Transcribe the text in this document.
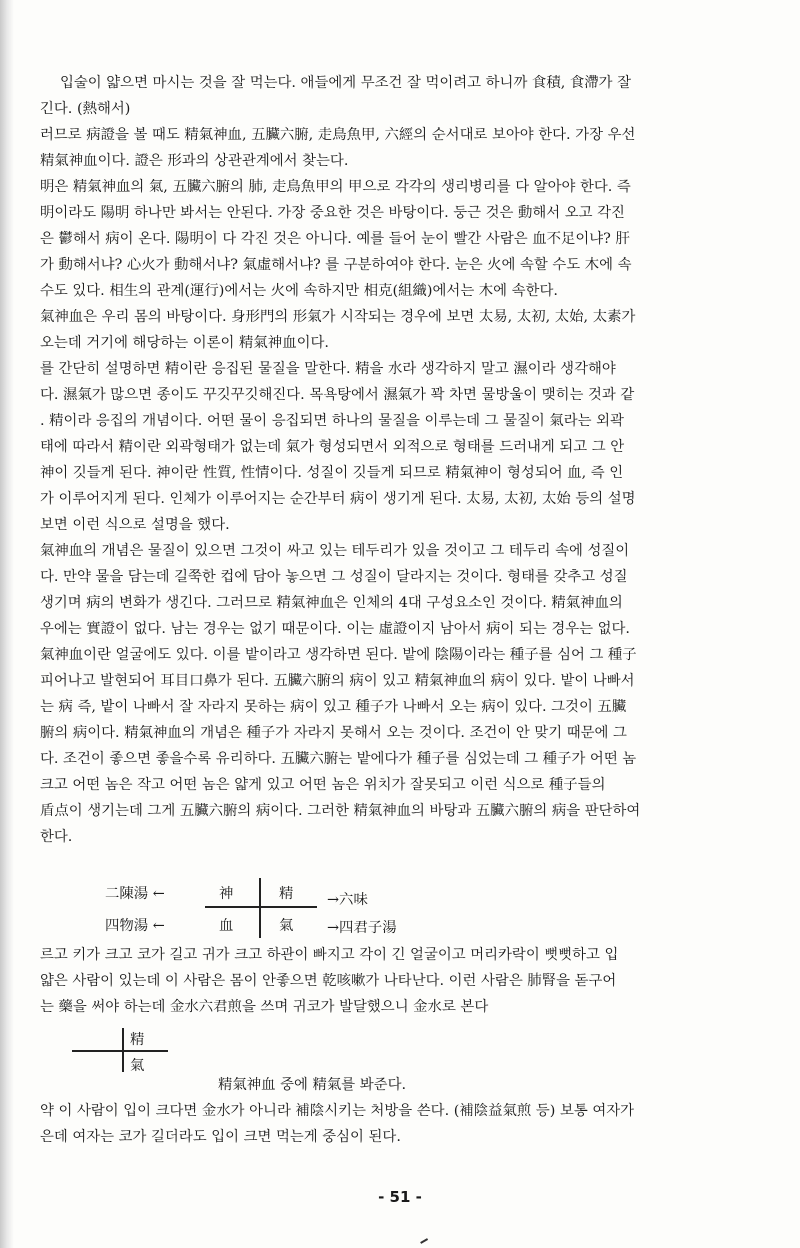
입술이 얇으면 마시는 것을 잘 먹는다. 애들에게 무조건 잘 먹이려고 하니까 食積, 食滯가 잘
긴다. (熱해서)
러므로 病證을 볼 때도 精氣神血, 五臟六腑, 走鳥魚甲, 六經의 순서대로 보아야 한다. 가장 우선
精氣神血이다. 證은 形과의 상관관계에서 찾는다.
明은 精氣神血의 氣, 五臟六腑의 肺, 走鳥魚甲의 甲으로 각각의 생리병리를 다 알아야 한다. 즉
明이라도 陽明 하나만 봐서는 안된다. 가장 중요한 것은 바탕이다. 둥근 것은 動해서 오고 각진
은 鬱해서 病이 온다. 陽明이 다 각진 것은 아니다. 예를 들어 눈이 빨간 사람은 血不足이냐? 肝
가 動해서냐? 心火가 動해서냐? 氣虛해서냐? 를 구분하여야 한다. 눈은 火에 속할 수도 木에 속
수도 있다. 相生의 관계(運行)에서는 火에 속하지만 相克(組織)에서는 木에 속한다.
氣神血은 우리 몸의 바탕이다. 身形門의 形氣가 시작되는 경우에 보면 太易, 太初, 太始, 太素가
오는데 거기에 해당하는 이론이 精氣神血이다.
를 간단히 설명하면 精이란 응집된 물질을 말한다. 精을 水라 생각하지 말고 濕이라 생각해야
다. 濕氣가 많으면 종이도 꾸깃꾸깃해진다. 목욕탕에서 濕氣가 꽉 차면 물방울이 맺히는 것과 같
. 精이라 응집의 개념이다. 어떤 물이 응집되면 하나의 물질을 이루는데 그 물질이 氣라는 외곽
태에 따라서 精이란 외곽형태가 없는데 氣가 형성되면서 외적으로 형태를 드러내게 되고 그 안
神이 깃들게 된다. 神이란 性質, 性情이다. 성질이 깃들게 되므로 精氣神이 형성되어 血, 즉 인
가 이루어지게 된다. 인체가 이루어지는 순간부터 病이 생기게 된다. 太易, 太初, 太始 등의 설명
보면 이런 식으로 설명을 했다.
氣神血의 개념은 물질이 있으면 그것이 싸고 있는 테두리가 있을 것이고 그 테두리 속에 성질이
다. 만약 물을 담는데 길쭉한 컵에 담아 놓으면 그 성질이 달라지는 것이다. 형태를 갖추고 성질
생기며 病의 변화가 생긴다. 그러므로 精氣神血은 인체의 4대 구성요소인 것이다. 精氣神血의
우에는 實證이 없다. 남는 경우는 없기 때문이다. 이는 虛證이지 남아서 病이 되는 경우는 없다.
氣神血이란 얼굴에도 있다. 이를 밭이라고 생각하면 된다. 밭에 陰陽이라는 種子를 심어 그 種子
피어나고 발현되어 耳目口鼻가 된다. 五臟六腑의 病이 있고 精氣神血의 病이 있다. 밭이 나빠서
는 病 즉, 밭이 나빠서 잘 자라지 못하는 病이 있고 種子가 나빠서 오는 病이 있다. 그것이 五臟
腑의 病이다. 精氣神血의 개념은 種子가 자라지 못해서 오는 것이다. 조건이 안 맞기 때문에 그
다. 조건이 좋으면 좋을수록 유리하다. 五臟六腑는 밭에다가 種子를 심었는데 그 種子가 어떤 놈
크고 어떤 놈은 작고 어떤 놈은 얇게 있고 어떤 놈은 위치가 잘못되고 이런 식으로 種子들의
盾点이 생기는데 그게 五臟六腑의 病이다. 그러한 精氣神血의 바탕과 五臟六腑의 病을 판단하여
한다.
二陳湯 ←
四物湯 ←
神	精
血	氣
→六味
→四君子湯
르고 키가 크고 코가 길고 귀가 크고 하관이 빠지고 각이 긴 얼굴이고 머리카락이 뻣뻣하고 입
얇은 사람이 있는데 이 사람은 몸이 안좋으면 乾咳嗽가 나타난다. 이런 사람은 肺腎을 돋구어
는 藥을 써야 하는데 金水六君煎을 쓰며 귀코가 발달했으니 金水로 본다
精
氣
精氣神血 중에 精氣를 봐준다.
약 이 사람이 입이 크다면 金水가 아니라 補陰시키는 처방을 쓴다. (補陰益氣煎 등) 보통 여자가
은데 여자는 코가 길더라도 입이 크면 먹는게 중심이 된다.
- 51 -
